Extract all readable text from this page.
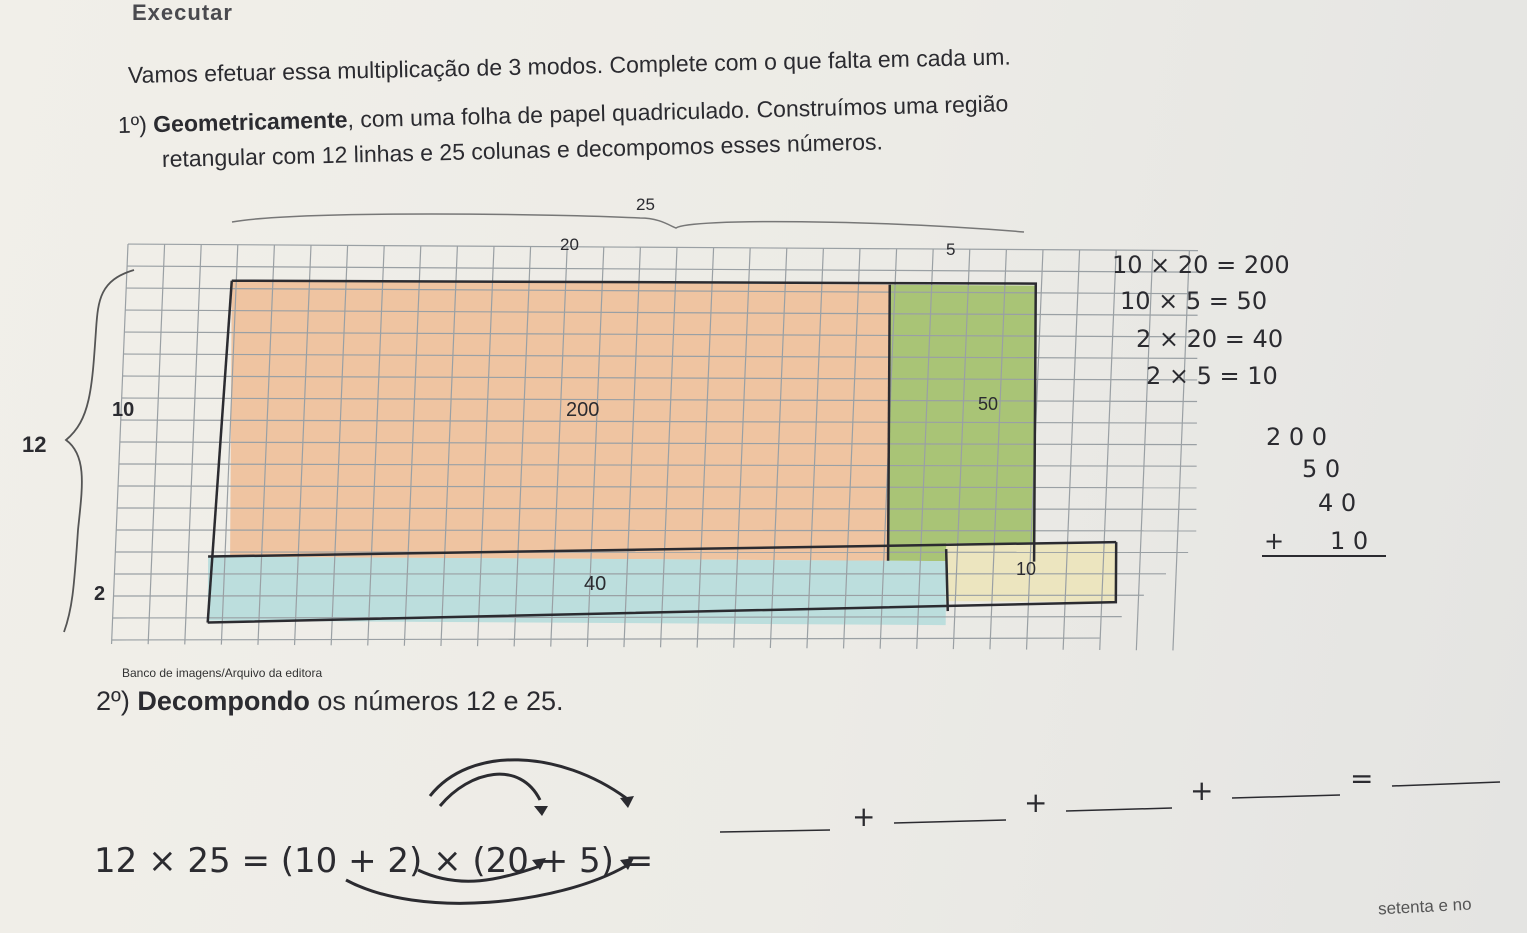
Executar
Vamos efetuar essa multiplicação de 3 modos. Complete com o que falta em cada um.
1º) Geometricamente, com uma folha de papel quadriculado. Construímos uma região
retangular com 12 linhas e 25 colunas e decompomos esses números.
25
20	5
12
10
2
200	50
40
10
10 × 20 = 200
10 × 5 = 50
2 × 20 = 40
2 × 5 = 10
2 0 0
5 0
4 0
+ 1 0
12 × 25 = (10 + 2) × (20 + 5) =
+	+	+	=
Banco de imagens/Arquivo da editora
2º) Decompondo os números 12 e 25.
setenta e no
